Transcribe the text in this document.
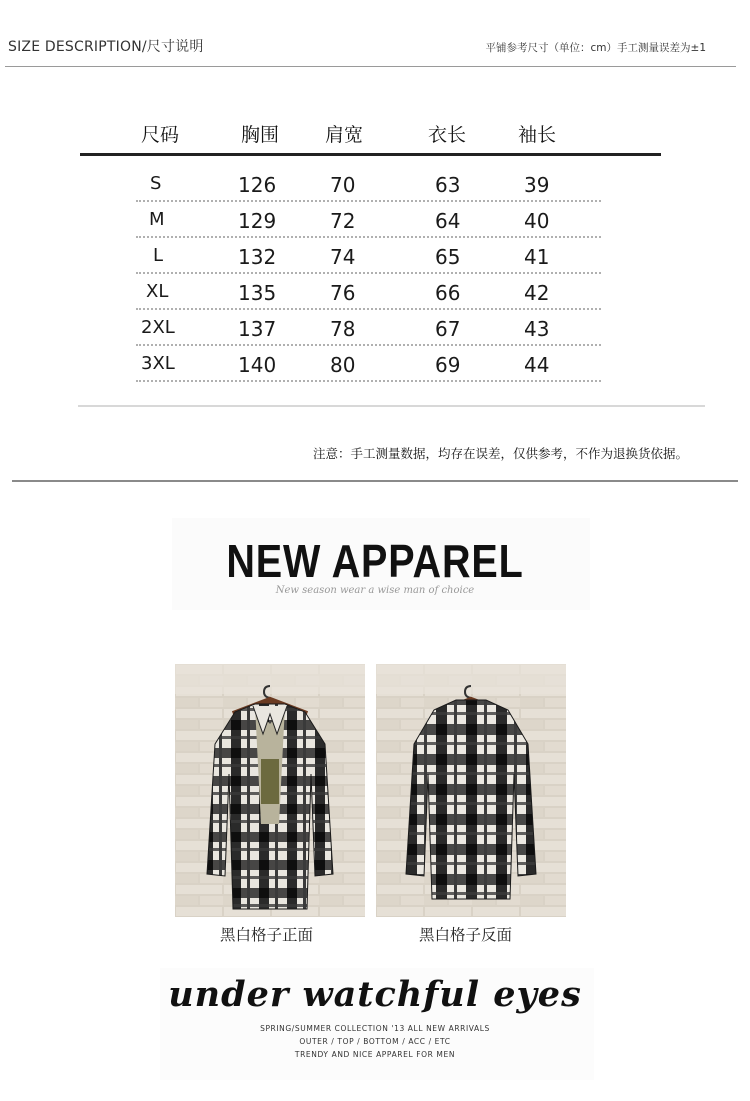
SIZE DESCRIPTION/尺寸说明	平铺参考尺寸（单位：cm）手工测量误差为±1
尺码	胸围 肩宽	衣长	袖长
S	126	70	63	39
M	129	72	64	40
L	132	74	65	41
XL	135	76	66	42
2XL	137	78	67	43
3XL	140	80	69	44
注意：手工测量数据，均存在误差，仅供参考，不作为退换货依据。
NEW APPAREL
New season wear a wise man of choice
黑白格子正面	黑白格子反面
under watchful eyes
SPRING/SUMMER COLLECTION '13 ALL NEW ARRIVALS
OUTER / TOP / BOTTOM / ACC / ETC
TRENDY AND NICE APPAREL FOR MEN
